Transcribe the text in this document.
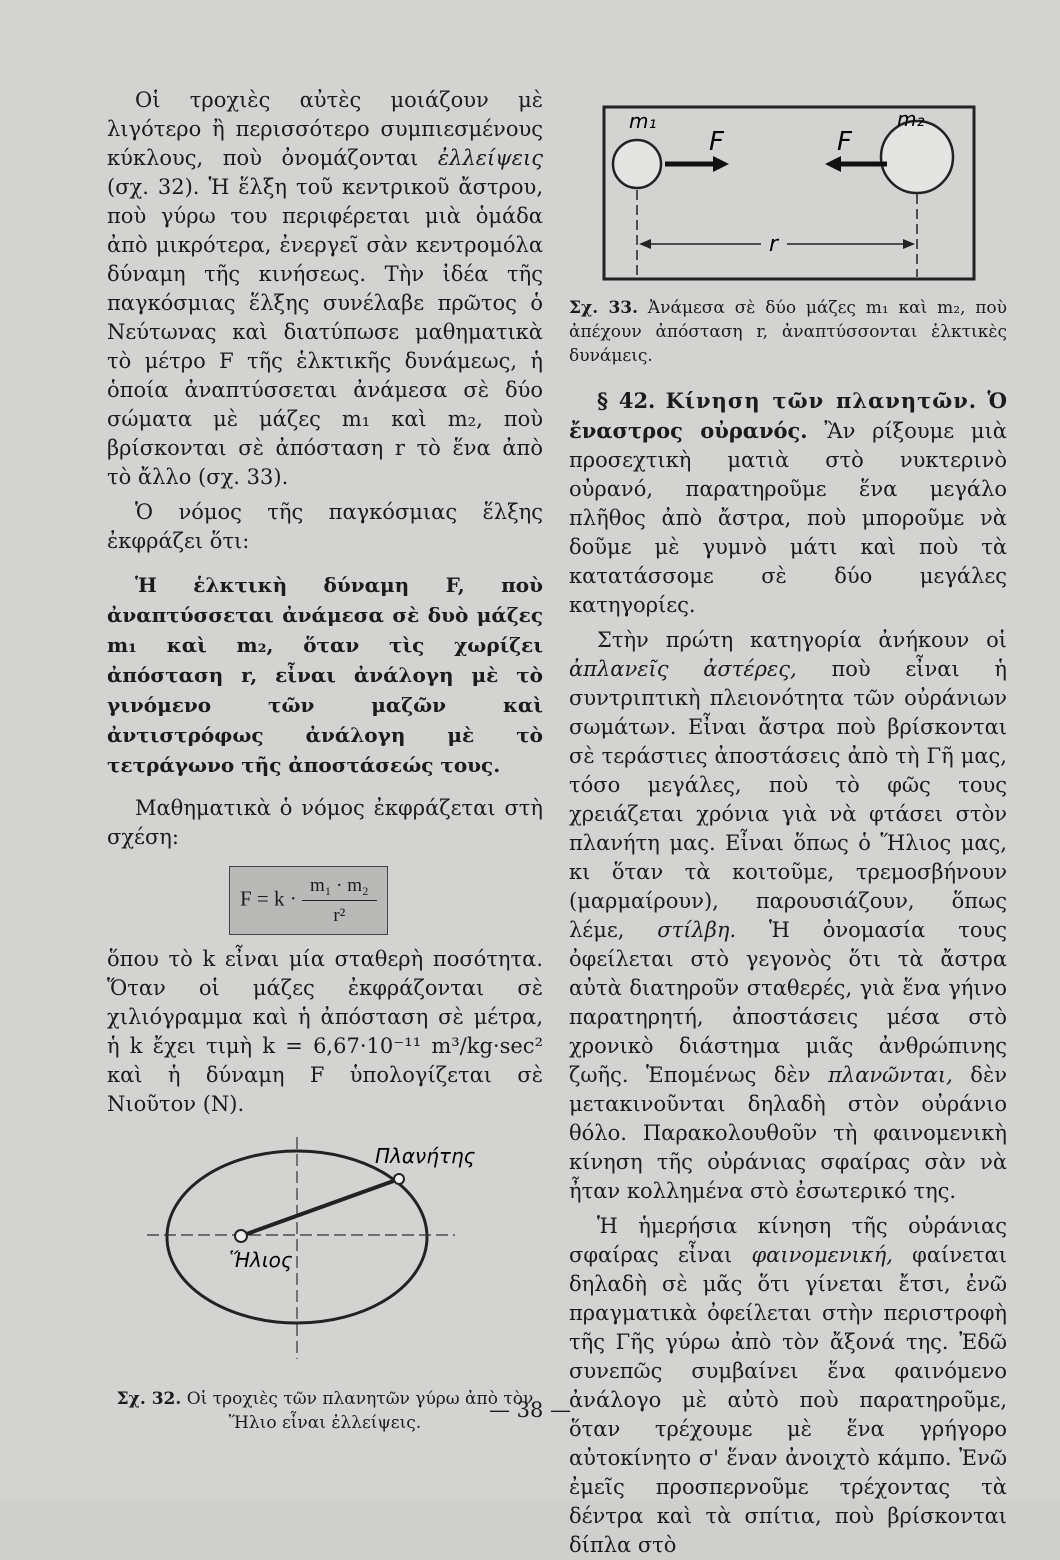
Οἱ τροχιὲς αὐτὲς μοιάζουν μὲ λιγότερο ἢ περισσότερο συμπιεσμένους κύκλους, ποὺ ὀνομάζονται ἐλλείψεις (σχ. 32). Ἡ ἕλξη τοῦ κεντρικοῦ ἄστρου, ποὺ γύρω του περιφέρεται μιὰ ὁμάδα ἀπὸ μικρότερα, ἐνεργεῖ σὰν κεντρομόλα δύναμη τῆς κινήσεως. Τὴν ἰδέα τῆς παγκόσμιας ἕλξης συνέλαβε πρῶτος ὁ Νεύτωνας καὶ διατύπωσε μαθηματικὰ τὸ μέτρο F τῆς ἑλκτικῆς δυνάμεως, ἡ ὁποία ἀναπτύσσεται ἀνάμεσα σὲ δύο σώματα μὲ μάζες m₁ καὶ m₂, ποὺ βρίσκονται σὲ ἀπόσταση r τὸ ἕνα ἀπὸ τὸ ἄλλο (σχ. 33).

Ὁ νόμος τῆς παγκόσμιας ἕλξης ἐκφράζει ὅτι:

Ἡ ἑλκτικὴ δύναμη F, ποὺ ἀναπτύσσεται ἀνάμεσα σὲ δυὸ μάζες m₁ καὶ m₂, ὅταν τὶς χωρίζει ἀπόσταση r, εἶναι ἀνάλογη μὲ τὸ γινόμενο τῶν μαζῶν καὶ ἀντιστρόφως ἀνάλογη μὲ τὸ τετράγωνο τῆς ἀποστάσεώς τους.

Μαθηματικὰ ὁ νόμος ἐκφράζεται στὴ σχέση:

$F = k \cdot \frac{\text{m₁ · m₂}}{\text{r²}}$

ὅπου τὸ k εἶναι μία σταθερὴ ποσότητα. Ὅταν οἱ μάζες ἐκφράζονται σὲ χιλιόγραμμα καὶ ἡ ἀπόσταση σὲ μέτρα, ἡ k ἔχει τιμὴ k = 6,67·10⁻¹¹ m³/kg·sec² καὶ ἡ δύναμη F ὑπολογίζεται σὲ Νιοῦτον (N).

Πλανήτης
Ἥλιος

Σχ. 32. Οἱ τροχιὲς τῶν πλανητῶν γύρω ἀπὸ τὸν Ἥλιο εἶναι ἐλλείψεις.

m₁	m₂
F	F
r

Σχ. 33. Ἀνάμεσα σὲ δύο μάζες m₁ καὶ m₂, ποὺ ἀπέχουν ἀπόσταση r, ἀναπτύσσονται ἑλκτικὲς δυνάμεις.

§ 42. Κίνηση τῶν πλανητῶν. Ὁ ἔναστρος οὐρανός. Ἂν ρίξουμε μιὰ προσεχτικὴ ματιὰ στὸ νυκτερινὸ οὐρανό, παρατηροῦμε ἕνα μεγάλο πλῆθος ἀπὸ ἄστρα, ποὺ μποροῦμε νὰ δοῦμε μὲ γυμνὸ μάτι καὶ ποὺ τὰ κατατάσσομε σὲ δύο μεγάλες κατηγορίες.

Στὴν πρώτη κατηγορία ἀνήκουν οἱ ἀπλανεῖς ἀστέρες, ποὺ εἶναι ἡ συντριπτικὴ πλειονότητα τῶν οὐράνιων σωμάτων. Εἶναι ἄστρα ποὺ βρίσκονται σὲ τεράστιες ἀποστάσεις ἀπὸ τὴ Γῆ μας, τόσο μεγάλες, ποὺ τὸ φῶς τους χρειάζεται χρόνια γιὰ νὰ φτάσει στὸν πλανήτη μας. Εἶναι ὅπως ὁ Ἥλιος μας, κι ὅταν τὰ κοιτοῦμε, τρεμοσβήνουν (μαρμαίρουν), παρουσιάζουν, ὅπως λέμε, στίλβη. Ἡ ὀνομασία τους ὀφείλεται στὸ γεγονὸς ὅτι τὰ ἄστρα αὐτὰ διατηροῦν σταθερές, γιὰ ἕνα γήινο παρατηρητή, ἀποστάσεις μέσα στὸ χρονικὸ διάστημα μιᾶς ἀνθρώπινης ζωῆς. Ἑπομένως δὲν πλανῶνται, δὲν μετακινοῦνται δηλαδὴ στὸν οὐράνιο θόλο. Παρακολουθοῦν τὴ φαινομενικὴ κίνηση τῆς οὐράνιας σφαίρας σὰν νὰ ἦταν κολλημένα στὸ ἐσωτερικό της.

Ἡ ἡμερήσια κίνηση τῆς οὐράνιας σφαίρας εἶναι φαινομενική, φαίνεται δηλαδὴ σὲ μᾶς ὅτι γίνεται ἔτσι, ἐνῶ πραγματικὰ ὀφείλεται στὴν περιστροφὴ τῆς Γῆς γύρω ἀπὸ τὸν ἄξονά της. Ἐδῶ συνεπῶς συμβαίνει ἕνα φαινόμενο ἀνάλογο μὲ αὐτὸ ποὺ παρατηροῦμε, ὅταν τρέχουμε μὲ ἕνα γρήγορο αὐτοκίνητο σ' ἕναν ἀνοιχτὸ κάμπο. Ἐνῶ ἐμεῖς προσπερνοῦμε τρέχοντας τὰ δέντρα καὶ τὰ σπίτια, ποὺ βρίσκονται δίπλα στὸ

— 38 —
